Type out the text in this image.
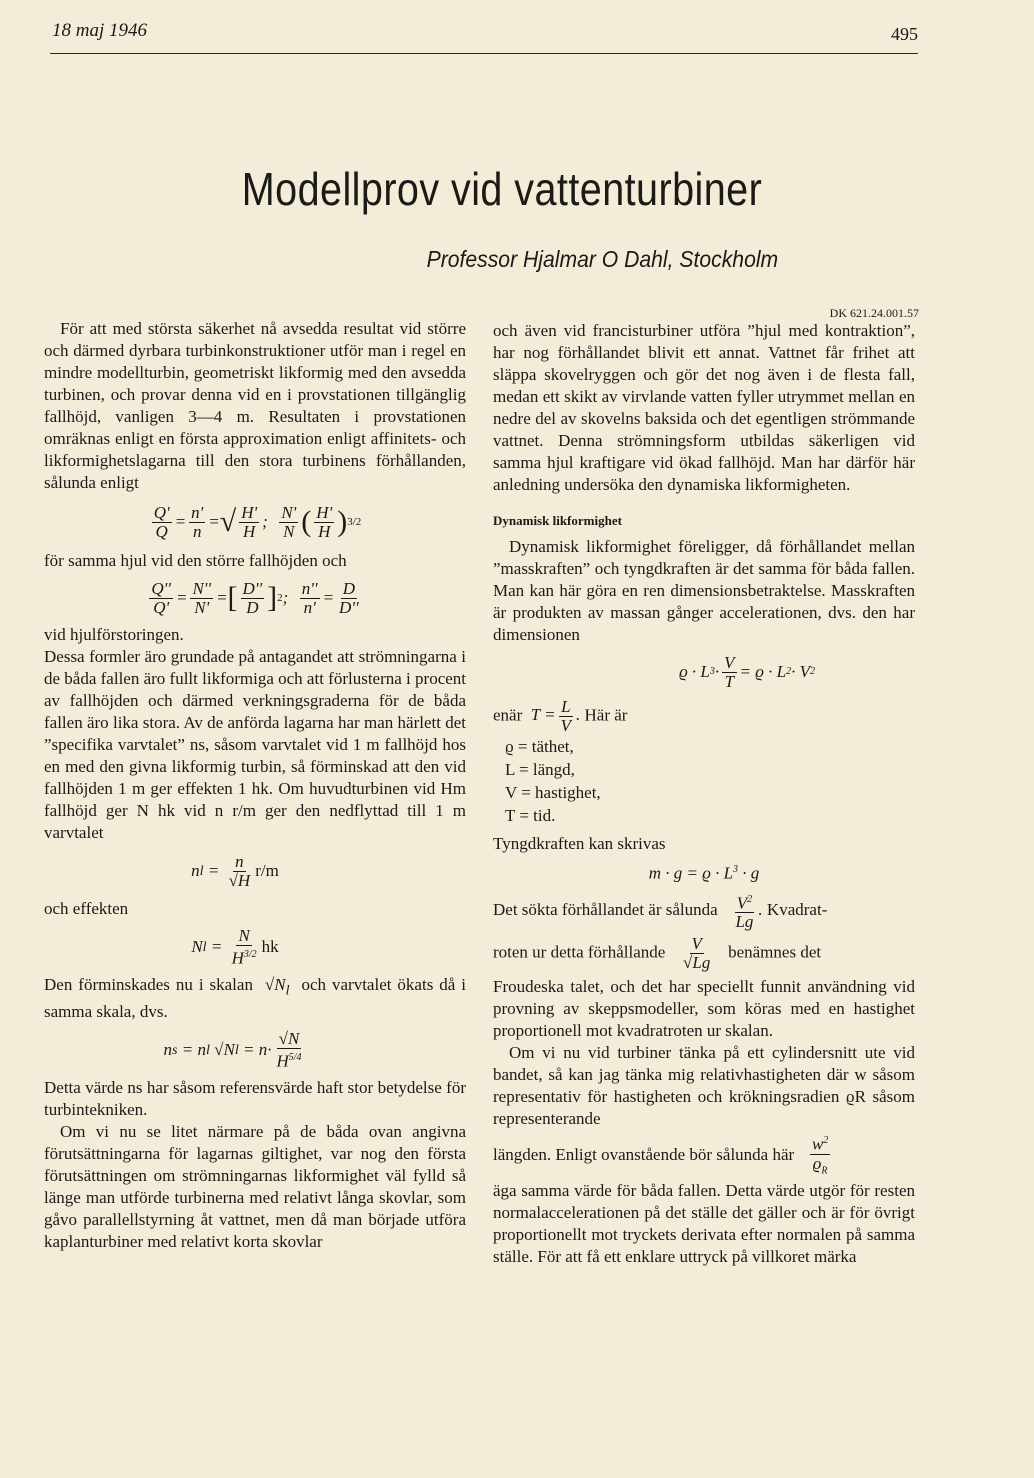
18 maj 1946	495
Modellprov vid vattenturbiner
Professor Hjalmar O Dahl, Stockholm
DK 621.24.001.57

För att med största säkerhet nå avsedda resultat vid större och därmed dyrbara turbinkonstruktioner utför man i regel en mindre modellturbin, geometriskt likformig med den avsedda turbinen, och provar denna vid en i provstationen tillgänglig fallhöjd, vanligen 3—4 m. Resultaten i provstationen omräknas enligt en första approximation enligt affinitets- och likformighetslagarna till den stora turbinens förhållanden, sålunda enligt

$\frac{Q'}{Q} = \frac{n'}{n}$ = √ $\frac{H'}{H}$ ; $\frac{N'}{N}$ ( $\frac{H'}{H}$ ) 3/2

för samma hjul vid den större fallhöjden och

$\frac{Q''}{Q'} = \frac{N''}{N'}$ = [ $\frac{D''}{D}$ ] 2 ; $\frac{n''}{n'} = \frac{D}{D''}$

vid hjulförstoringen.

Dessa formler äro grundade på antagandet att strömningarna i de båda fallen äro fullt likformiga och att förlusterna i procent av fallhöjden och därmed verkningsgraderna för de båda fallen äro lika stora. Av de anförda lagarna har man härlett det ”specifika varvtalet” ns, såsom varvtalet vid 1 m fallhöjd hos en med den givna likformig turbin, så förminskad att den vid fallhöjden 1 m ger effekten 1 hk. Om huvudturbinen vid Hm fallhöjd ger N hk vid n r/m ger den nedflyttad till 1 m varvtalet

n $l = \frac{n}{√H} r/m$

och effekten

N $l = \frac{N}{H^{3/2}}$ hk

Den förminskades nu i skalan  $√N_l$ och varvtalet ökats då i samma skala, dvs.

n s = n l √N $l = n\cdot \frac{√N}{H^{5/4}}$

Detta värde ns har såsom referensvärde haft stor betydelse för turbintekniken.

Om vi nu se litet närmare på de båda ovan angivna förutsättningarna för lagarnas giltighet, var nog den första förutsättningen om strömningarnas likformighet väl fylld så länge man utförde turbinerna med relativt långa skovlar, som gåvo parallellstyrning åt vattnet, men då man började utföra kaplanturbiner med relativt korta skovlar

och även vid francisturbiner utföra ”hjul med kontraktion”, har nog förhållandet blivit ett annat. Vattnet får frihet att släppa skovelryggen och gör det nog även i de flesta fall, medan ett skikt av virvlande vatten fyller utrymmet mellan en nedre del av skovelns baksida och det egentligen strömmande vattnet. Denna strömningsform utbildas säkerligen vid samma hjul kraftigare vid ökad fallhöjd. Man har därför här anledning undersöka den dynamiska likformigheten.

Dynamisk likformighet

Dynamisk likformighet föreligger, då förhållandet mellan ”masskraften” och tyngdkraften är det samma för båda fallen. Man kan här göra en ren dimensionsbetraktelse. Masskraften är produkten av massan gånger accelerationen, dvs. den har dimensionen

ϱ · L $3 \cdot \frac{V}{T} = ϱ \cdot L$ 2 · V 2

enär  $T = \frac{L}{V}$ . Här är

ϱ = täthet,
L = längd,
V = hastighet,
T = tid.

Tyngdkraften kan skrivas

$m \cdot g = ϱ \cdot L^3 \cdot g$

Det sökta förhållandet är sålunda $\frac{V^2}{Lg}$ . Kvadrat-

roten ur detta förhållande $\frac{V}{√Lg}$ benämnes det

Froudeska talet, och det har speciellt funnit användning vid provning av skeppsmodeller, som köras med en hastighet proportionell mot kvadratroten ur skalan.

Om vi nu vid turbiner tänka på ett cylindersnitt ute vid bandet, så kan jag tänka mig relativhastigheten där w såsom representativ för hastigheten och krökningsradien ϱR såsom representerande

längden. Enligt ovanstående bör sålunda här $\frac{w^2}{ϱ_R}$

äga samma värde för båda fallen. Detta värde utgör för resten normalaccelerationen på det ställe det gäller och är för övrigt proportionellt mot tryckets derivata efter normalen på samma ställe. För att få ett enklare uttryck på villkoret märka
